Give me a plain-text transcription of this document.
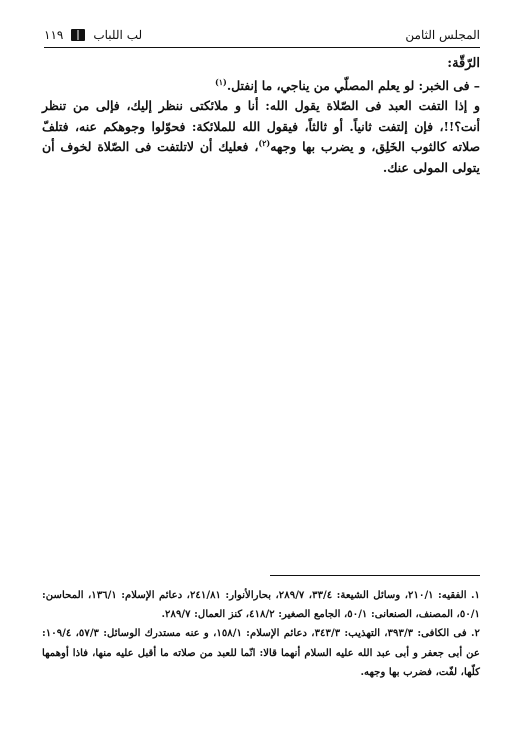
المجلس الثامن
لب اللباب
١١٩

الرّقّة:

– فى الخبر: لو يعلم المصلّي من يناجي، ما إنفتل.$^{(١)}$

و إذا التفت العبد فى الصّلاة يقول الله: أنا و ملائكتى ننظر إليك، فإلى من تنظر أنت؟!!، فإن إلتفت ثانياً. أو ثالثاً، فيقول الله للملائكة: فحوّلوا وجوهكم عنه، فتلفّ صلاته كالثوب الخَلِق، و يضرب بها وجهه$^{(٢)}$، فعليك أن لاتلتفت فى الصّلاة لخوف أن يتولى المولى عنك.

١. الفقيه: ٢١٠/١، وسائل الشيعة: ٣٣/٤، ٢٨٩/٧، بحارالأنوار: ٢٤١/٨١، دعائم الإسلام: ١٣٦/١، المحاسن: ٥٠/١، المصنف، الصنعانى: ٥٠/١، الجامع الصغير: ٤١٨/٢، كنز العمال: ٢٨٩/٧.

٢. فى الكافى: ٣٩٣/٣، التهذيب: ٣٤٣/٣، دعائم الإسلام: ١٥٨/١، و عنه مستدرك الوسائل: ٥٧/٣، ١٠٩/٤: عن أبى جعفر و أبى عبد الله عليه السلام أنهما قالا: انّما للعبد من صلاته ما أقبل عليه منها، فاذا أوهمها كلّها، لفّت، فضرب بها وجهه.
